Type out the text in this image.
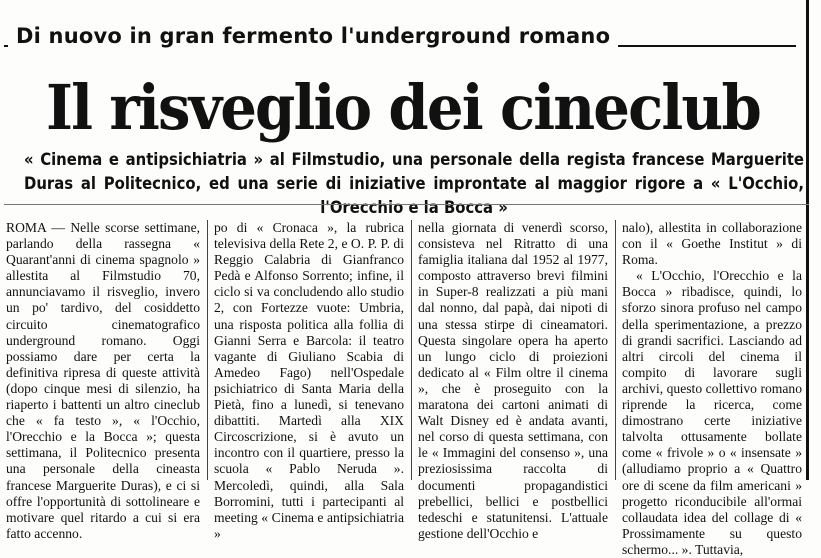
Di nuovo in gran fermento l'underground romano
Il risveglio dei cineclub
« Cinema e antipsichiatria » al Filmstudio, una personale della regista francese Marguerite Duras al Politecnico, ed una serie di iniziative improntate al maggior rigore a « L'Occhio, l'Orecchio e la Bocca »

ROMA — Nelle scorse settimane, parlando della rassegna « Quarant'anni di cinema spagnolo » allestita al Filmstudio 70, annunciavamo il risveglio, invero un po' tardivo, del cosiddetto circuito cinematografico underground romano. Oggi possiamo dare per certa la definitiva ripresa di queste attività (dopo cinque mesi di silenzio, ha riaperto i battenti un altro cineclub che « fa testo », « l'Occhio, l'Orecchio e la Bocca »; questa settimana, il Politecnico presenta una personale della cineasta francese Marguerite Duras), e ci si offre l'opportunità di sottolineare e motivare quel ritardo a cui si era fatto accenno.

po di « Cronaca », la rubrica televisiva della Rete 2, e O. P. P. di Reggio Calabria di Gianfranco Pedà e Alfonso Sorrento; infine, il ciclo si va concludendo allo studio 2, con Fortezze vuote: Umbria, una risposta politica alla follia di Gianni Serra e Barcola: il teatro vagante di Giuliano Scabia di Amedeo Fago) nell'Ospedale psichiatrico di Santa Maria della Pietà, fino a lunedì, si tenevano dibattiti. Martedì alla XIX Circoscrizione, si è avuto un incontro con il quartiere, presso la scuola « Pablo Neruda ». Mercoledì, quindi, alla Sala Borromini, tutti i partecipanti al meeting « Cinema e antipsichiatria »

nella giornata di venerdì scorso, consisteva nel Ritratto di una famiglia italiana dal 1952 al 1977, composto attraverso brevi filmini in Super-8 realizzati a più mani dal nonno, dal papà, dai nipoti di una stessa stirpe di cineamatori. Questa singolare opera ha aperto un lungo ciclo di proiezioni dedicato al « Film oltre il cinema », che è proseguito con la maratona dei cartoni animati di Walt Disney ed è andata avanti, nel corso di questa settimana, con le « Immagini del consenso », una preziosissima raccolta di documenti propagandistici prebellici, bellici e postbellici tedeschi e statunitensi. L'attuale gestione dell'Occhio e

nalo), allestita in collaborazione con il « Goethe Institut » di Roma.

« L'Occhio, l'Orecchio e la Bocca » ribadisce, quindi, lo sforzo sinora profuso nel campo della sperimentazione, a prezzo di grandi sacrifici. Lasciando ad altri circoli del cinema il compito di lavorare sugli archivi, questo collettivo romano riprende la ricerca, come dimostrano certe iniziative talvolta ottusamente bollate come « frivole » o « insensate » (alludiamo proprio a « Quattro ore di scene da film americani » progetto riconducibile all'ormai collaudata idea del collage di « Prossimamente su questo schermo... ». Tuttavia,
